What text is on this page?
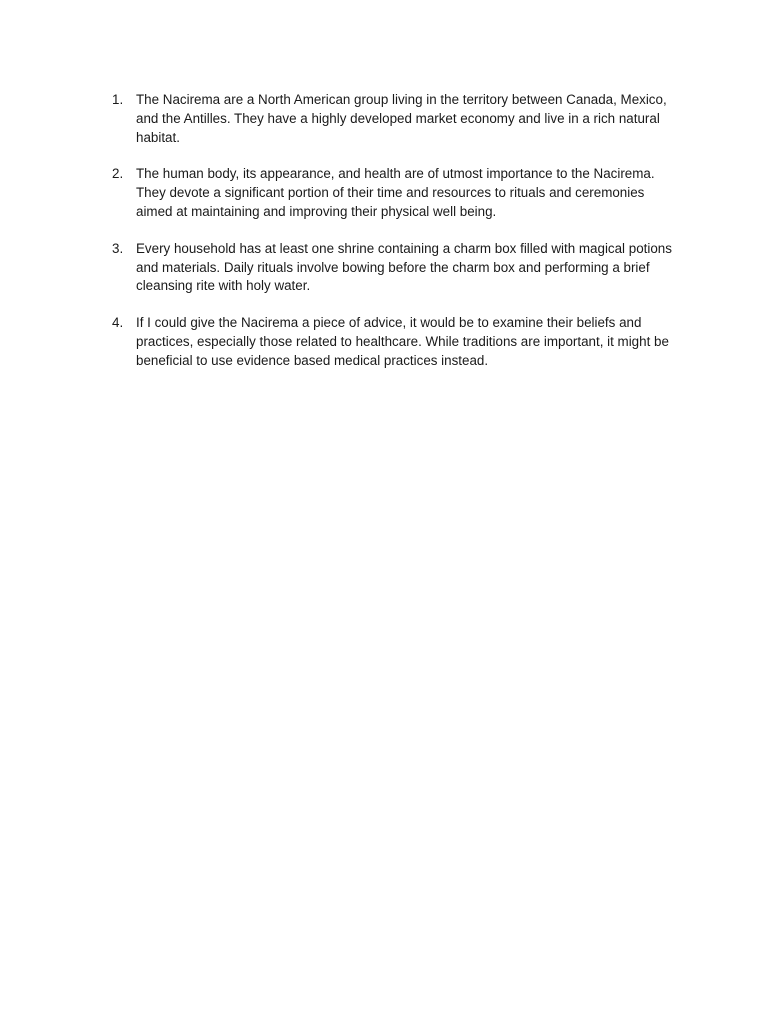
1. The Nacirema are a North American group living in the territory between Canada, Mexico, and the Antilles. They have a highly developed market economy and live in a rich natural habitat.
2. The human body, its appearance, and health are of utmost importance to the Nacirema. They devote a significant portion of their time and resources to rituals and ceremonies aimed at maintaining and improving their physical well being.
3. Every household has at least one shrine containing a charm box filled with magical potions and materials. Daily rituals involve bowing before the charm box and performing a brief cleansing rite with holy water.
4. If I could give the Nacirema a piece of advice, it would be to examine their beliefs and practices, especially those related to healthcare. While traditions are important, it might be beneficial to use evidence based medical practices instead.
